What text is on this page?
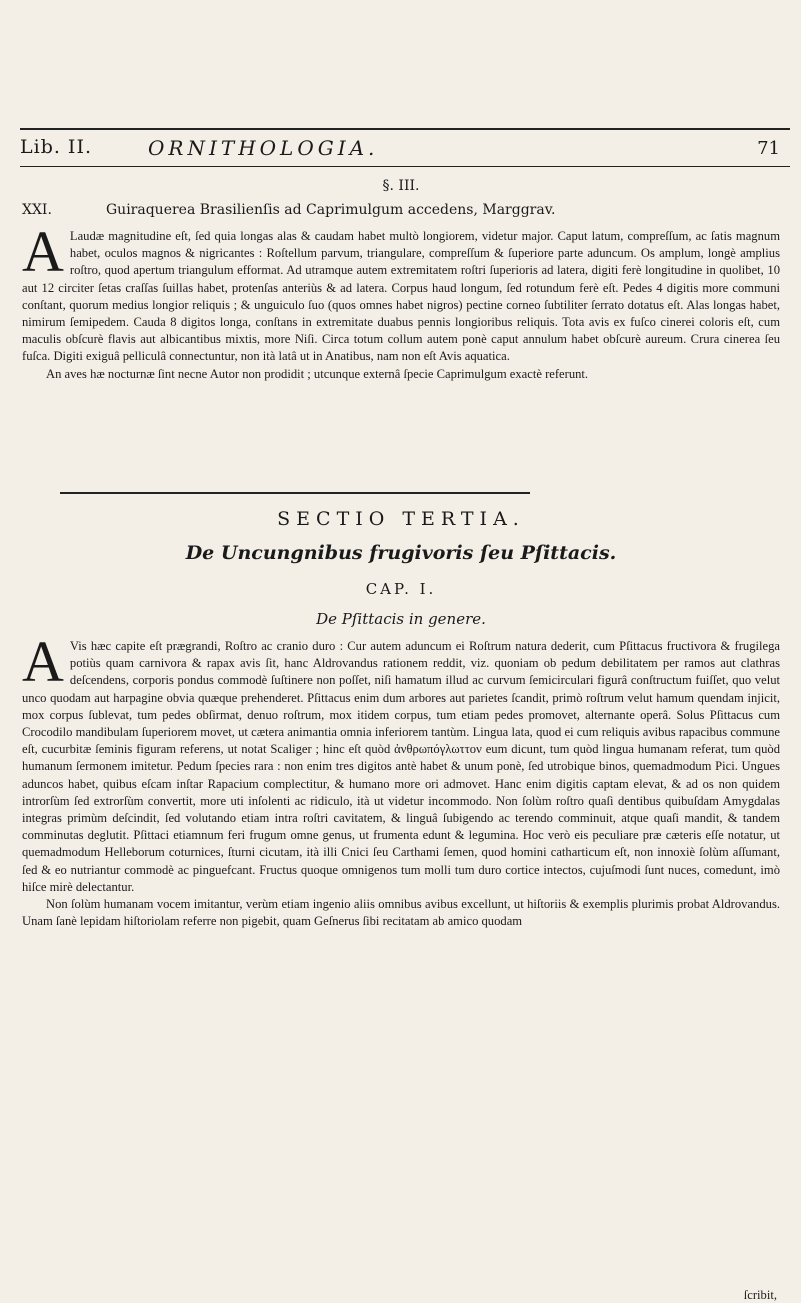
Lib. II.	ORNITHOLOGIA.	71
§. III.
XXI.	Guiraquerea Brasilienſis ad Caprimulgum accedens, Marggrav.

A Laudæ magnitudine eſt, ſed quia longas alas & caudam habet multò longiorem, videtur major. Caput latum, compreſſum, ac ſatis magnum habet, oculos magnos & nigricantes : Roſtellum parvum, triangulare, compreſſum & ſuperiore parte aduncum. Os amplum, longè amplius roſtro, quod apertum triangulum efformat. Ad utramque autem extremitatem roſtri ſuperioris ad latera, digiti ferè longitudine in quolibet, 10 aut 12 circiter ſetas craſſas ſuillas habet, protenſas anteriùs & ad latera. Corpus haud longum, ſed rotundum ferè eſt. Pedes 4 digitis more communi conſtant, quorum medius longior reliquis ; & unguiculo ſuo (quos omnes habet nigros) pectine corneo ſubtiliter ſerrato dotatus eſt. Alas longas habet, nimirum ſemipedem. Cauda 8 digitos longa, conſtans in extremitate duabus pennis longioribus reliquis. Tota avis ex fuſco cinerei coloris eſt, cum maculis obſcurè flavis aut albicantibus mixtis, more Niſi. Circa totum collum autem ponè caput annulum habet obſcurè aureum. Crura cinerea ſeu fuſca. Digiti exiguâ pelliculâ connectuntur, non ità latâ ut in Anatibus, nam non eſt Avis aquatica.

An aves hæ nocturnæ ſint necne Autor non prodidit ; utcunque externâ ſpecie Caprimulgum exactè referunt.

SECTIO TERTIA.
De Uncungnibus frugivoris ſeu Pſittacis.
CAP. I.
De Pſittacis in genere.

A Vis hæc capite eſt prægrandi, Roſtro ac cranio duro : Cur autem aduncum ei Roſtrum natura dederit, cum Pſittacus fructivora & frugilega potiùs quam carnivora & rapax avis ſit, hanc Aldrovandus rationem reddit, viz. quoniam ob pedum debilitatem per ramos aut clathras deſcendens, corporis pondus commodè ſuſtinere non poſſet, niſi hamatum illud ac curvum ſemicirculari figurâ conſtructum fuiſſet, quo velut unco quodam aut harpagine obvia quæque prehenderet. Pſittacus enim dum arbores aut parietes ſcandit, primò roſtrum velut hamum quendam injicit, mox corpus ſublevat, tum pedes obſirmat, denuo roſtrum, mox itidem corpus, tum etiam pedes promovet, alternante operâ. Solus Pſittacus cum Crocodilo mandibulam ſuperiorem movet, ut cætera animantia omnia inferiorem tantùm. Lingua lata, quod ei cum reliquis avibus rapacibus commune eſt, cucurbitæ ſeminis figuram referens, ut notat Scaliger ; hinc eſt quòd ἀνθρωπόγλωττον eum dicunt, tum quòd lingua humanam referat, tum quòd humanum ſermonem imitetur. Pedum ſpecies rara : non enim tres digitos antè habet & unum ponè, ſed utrobique binos, quemadmodum Pici. Ungues aduncos habet, quibus eſcam inſtar Rapacium complectitur, & humano more ori admovet. Hanc enim digitis captam elevat, & ad os non quidem introrſùm ſed extrorſùm convertit, more uti inſolenti ac ridiculo, ità ut videtur incommodo. Non ſolùm roſtro quaſi dentibus quibuſdam Amygdalas integras primùm deſcindit, ſed volutando etiam intra roſtri cavitatem, & linguâ ſubigendo ac terendo comminuit, atque quaſi mandit, & tandem comminutas deglutit. Pſittaci etiamnum feri frugum omne genus, ut frumenta edunt & legumina. Hoc verò eis peculiare præ cæteris eſſe notatur, ut quemadmodum Helleborum coturnices, ſturni cicutam, ità illi Cnici ſeu Carthami ſemen, quod homini catharticum eſt, non innoxiè ſolùm aſſumant, ſed & eo nutriantur commodè ac pinguefcant. Fructus quoque omnigenos tum molli tum duro cortice intectos, cujuſmodi ſunt nuces, comedunt, imò hiſce mirè delectantur.

Non ſolùm humanam vocem imitantur, verùm etiam ingenio aliis omnibus avibus excellunt, ut hiſtoriis & exemplis plurimis probat Aldrovandus. Unam ſanè lepidam hiſtoriolam referre non pigebit, quam Geſnerus ſibi recitatam ab amico quodam

ſcribit,
